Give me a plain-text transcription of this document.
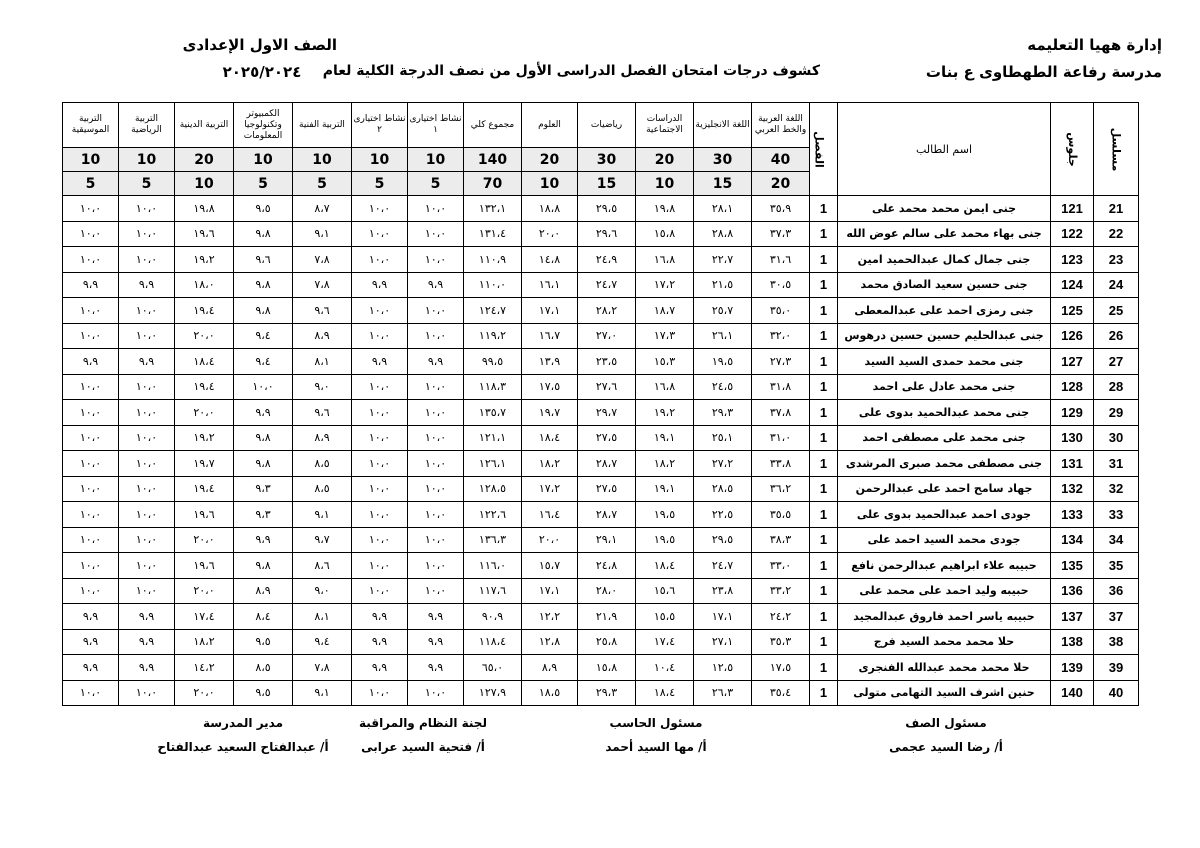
إدارة ههيا التعليمه
مدرسة رفاعة الطهطاوى ع بنات
الصف الاول الإعدادى
٢٠٢٥/٢٠٢٤	كشوف درجات امتحان الفصل الدراسى الأول من نصف الدرجة الكلية لعام
مسلسل	جلوس	اسم الطالب	الفصل	اللغة العربية والخط العربي	اللغة الانجليزية	الدراسات الاجتماعية	رياضيات	العلوم	مجموع كلي	نشاط اختيارى ١	نشاط اختيارى ٢	التربية الفنية	الكمبيوتر وتكنولوجيا المعلومات	التربية الدينية	التربية الرياضية	التربية الموسيقية
				40	30	20	30	20	140	10	10	10	10	20	10	10
				20	15	10	15	10	70	5	5	5	5	10	5	5
21	121	جنى ايمن محمد محمد على	1	٣٥،٩	٢٨،١	١٩،٨	٢٩،٥	١٨،٨	١٣٢،١	١٠،٠	١٠،٠	٨،٧	٩،٥	١٩،٨	١٠،٠	١٠،٠
22	122	جنى بهاء محمد على سالم عوض الله	1	٣٧،٣	٢٨،٨	١٥،٨	٢٩،٦	٢٠،٠	١٣١،٤	١٠،٠	١٠،٠	٩،١	٩،٨	١٩،٦	١٠،٠	١٠،٠
23	123	جنى جمال كمال عبدالحميد امين	1	٣١،٦	٢٢،٧	١٦،٨	٢٤،٩	١٤،٨	١١٠،٩	١٠،٠	١٠،٠	٧،٨	٩،٦	١٩،٢	١٠،٠	١٠،٠
24	124	جنى حسين سعيد الصادق محمد	1	٣٠،٥	٢١،٥	١٧،٢	٢٤،٧	١٦،١	١١٠،٠	٩،٩	٩،٩	٧،٨	٩،٨	١٨،٠	٩،٩	٩،٩
25	125	جنى رمزى احمد على عبدالمعطى	1	٣٥،٠	٢٥،٧	١٨،٧	٢٨،٢	١٧،١	١٢٤،٧	١٠،٠	١٠،٠	٩،٦	٩،٨	١٩،٤	١٠،٠	١٠،٠
26	126	جنى عبدالحليم حسين حسين درهوس	1	٣٢،٠	٢٦،١	١٧،٣	٢٧،٠	١٦،٧	١١٩،٢	١٠،٠	١٠،٠	٨،٩	٩،٤	٢٠،٠	١٠،٠	١٠،٠
27	127	جنى محمد حمدى السيد السيد	1	٢٧،٣	١٩،٥	١٥،٣	٢٣،٥	١٣،٩	٩٩،٥	٩،٩	٩،٩	٨،١	٩،٤	١٨،٤	٩،٩	٩،٩
28	128	جنى محمد عادل على احمد	1	٣١،٨	٢٤،٥	١٦،٨	٢٧،٦	١٧،٥	١١٨،٣	١٠،٠	١٠،٠	٩،٠	١٠،٠	١٩،٤	١٠،٠	١٠،٠
29	129	جنى محمد عبدالحميد بدوى على	1	٣٧،٨	٢٩،٣	١٩،٢	٢٩،٧	١٩،٧	١٣٥،٧	١٠،٠	١٠،٠	٩،٦	٩،٩	٢٠،٠	١٠،٠	١٠،٠
30	130	جنى محمد على مصطفى احمد	1	٣١،٠	٢٥،١	١٩،١	٢٧،٥	١٨،٤	١٢١،١	١٠،٠	١٠،٠	٨،٩	٩،٨	١٩،٢	١٠،٠	١٠،٠
31	131	جنى مصطفى محمد صبرى المرشدى	1	٣٣،٨	٢٧،٢	١٨،٢	٢٨،٧	١٨،٢	١٢٦،١	١٠،٠	١٠،٠	٨،٥	٩،٨	١٩،٧	١٠،٠	١٠،٠
32	132	جهاد سامح احمد على عبدالرحمن	1	٣٦،٢	٢٨،٥	١٩،١	٢٧،٥	١٧،٢	١٢٨،٥	١٠،٠	١٠،٠	٨،٥	٩،٣	١٩،٤	١٠،٠	١٠،٠
33	133	جودى احمد عبدالحميد بدوى على	1	٣٥،٥	٢٢،٥	١٩،٥	٢٨،٧	١٦،٤	١٢٢،٦	١٠،٠	١٠،٠	٩،١	٩،٣	١٩،٦	١٠،٠	١٠،٠
34	134	جودى محمد السيد احمد على	1	٣٨،٣	٢٩،٥	١٩،٥	٢٩،١	٢٠،٠	١٣٦،٣	١٠،٠	١٠،٠	٩،٧	٩،٩	٢٠،٠	١٠،٠	١٠،٠
35	135	حبيبه علاء ابراهيم عبدالرحمن نافع	1	٣٣،٠	٢٤،٧	١٨،٤	٢٤،٨	١٥،٧	١١٦،٠	١٠،٠	١٠،٠	٨،٦	٩،٨	١٩،٦	١٠،٠	١٠،٠
36	136	حبيبه وليد احمد على محمد على	1	٣٣،٢	٢٣،٨	١٥،٦	٢٨،٠	١٧،١	١١٧،٦	١٠،٠	١٠،٠	٩،٠	٨،٩	٢٠،٠	١٠،٠	١٠،٠
37	137	حبيبه ياسر احمد فاروق عبدالمجيد	1	٢٤،٢	١٧،١	١٥،٥	٢١،٩	١٢،٢	٩٠،٩	٩،٩	٩،٩	٨،١	٨،٤	١٧،٤	٩،٩	٩،٩
38	138	حلا محمد محمد السيد فرج	1	٣٥،٣	٢٧،١	١٧،٤	٢٥،٨	١٢،٨	١١٨،٤	٩،٩	٩،٩	٩،٤	٩،٥	١٨،٢	٩،٩	٩،٩
39	139	حلا محمد محمد عبدالله الفنجرى	1	١٧،٥	١٢،٥	١٠،٤	١٥،٨	٨،٩	٦٥،٠	٩،٩	٩،٩	٧،٨	٨،٥	١٤،٢	٩،٩	٩،٩
40	140	حنين اشرف السيد التهامى متولى	1	٣٥،٤	٢٦،٣	١٨،٤	٢٩،٣	١٨،٥	١٢٧،٩	١٠،٠	١٠،٠	٩،١	٩،٥	٢٠،٠	١٠،٠	١٠،٠
مسئول الصف
أ/ رضا السيد عجمى
مسئول الحاسب
أ/ مها السيد أحمد
لجنة النظام والمراقبة
أ/ فتحية السيد عرابى
مدير المدرسة
أ/ عبدالفتاح السعيد عبدالفتاح
